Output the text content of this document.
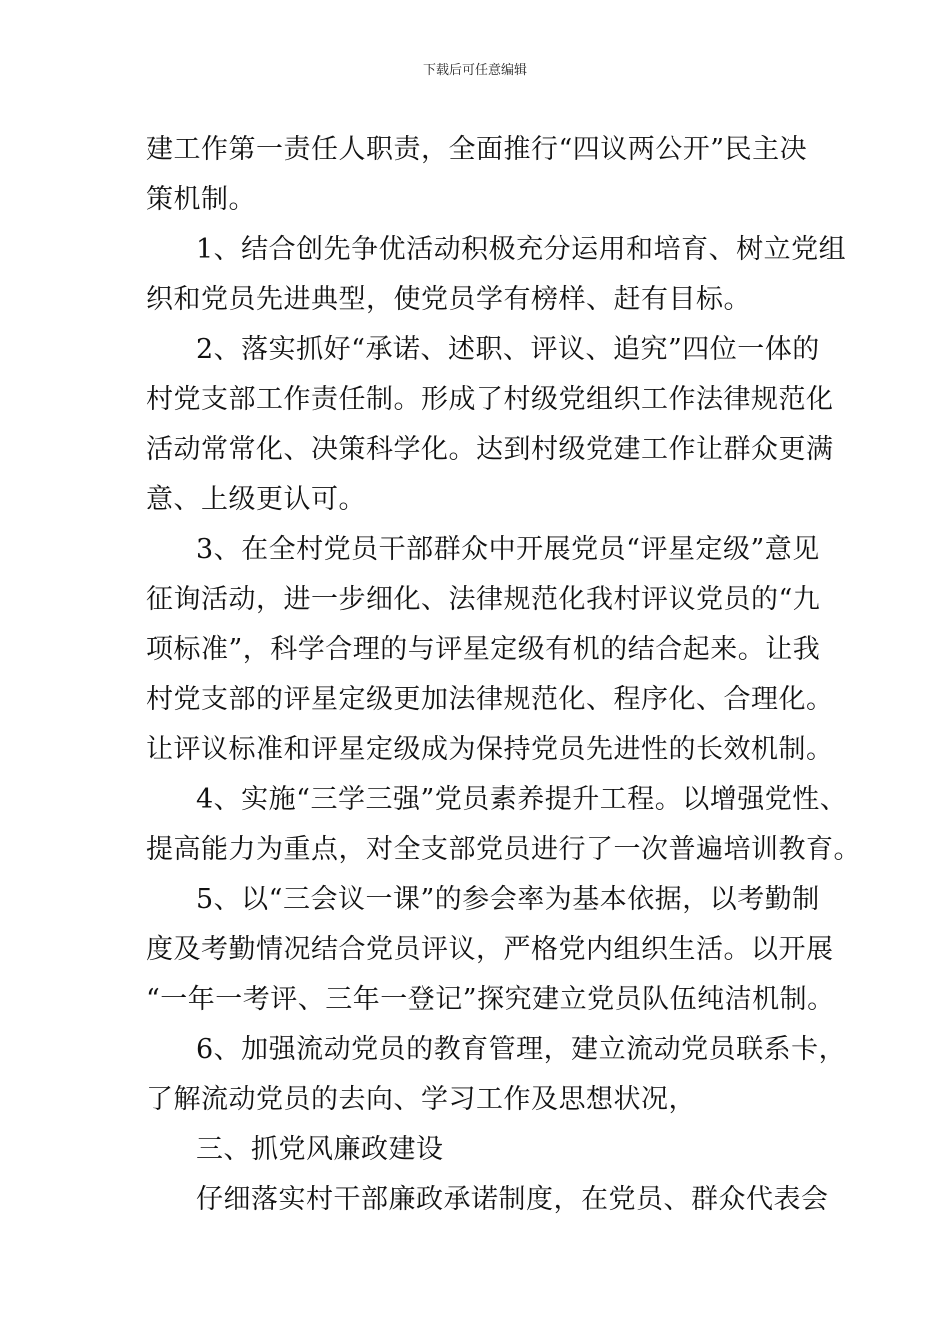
下载后可任意编辑
建工作第一责任人职责，全面推行“四议两公开”民主决
策机制。
1、结合创先争优活动积极充分运用和培育、树立党组
织和党员先进典型，使党员学有榜样、赶有目标。
2、落实抓好“承诺、述职、评议、追究”四位一体的
村党支部工作责任制。形成了村级党组织工作法律规范化
活动常常化、决策科学化。达到村级党建工作让群众更满
意、上级更认可。
3、在全村党员干部群众中开展党员“评星定级”意见
征询活动，进一步细化、法律规范化我村评议党员的“九
项标准”，科学合理的与评星定级有机的结合起来。让我
村党支部的评星定级更加法律规范化、程序化、合理化。
让评议标准和评星定级成为保持党员先进性的长效机制。
4、实施“三学三强”党员素养提升工程。以增强党性、
提高能力为重点，对全支部党员进行了一次普遍培训教育。
5、以“三会议一课”的参会率为基本依据，以考勤制
度及考勤情况结合党员评议，严格党内组织生活。以开展
“一年一考评、三年一登记”探究建立党员队伍纯洁机制。
6、加强流动党员的教育管理，建立流动党员联系卡，
了解流动党员的去向、学习工作及思想状况，
三、抓党风廉政建设
仔细落实村干部廉政承诺制度，在党员、群众代表会
